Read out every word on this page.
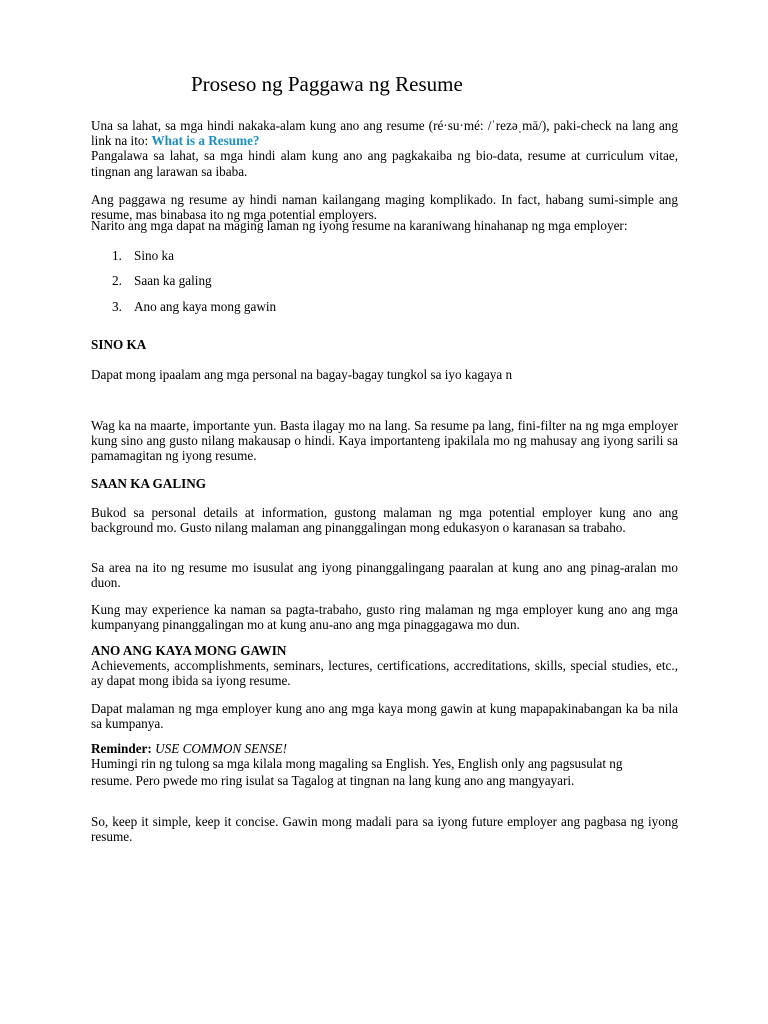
Proseso ng Paggawa ng Resume

Una sa lahat, sa mga hindi nakaka-alam kung ano ang resume (ré·su·mé: /ˈrezəˌmā/), paki-check na lang ang link na ito: What is a Resume?
Pangalawa sa lahat, sa mga hindi alam kung ano ang pagkakaiba ng bio-data, resume at curriculum vitae, tingnan ang larawan sa ibaba.

Ang paggawa ng resume ay hindi naman kailangang maging komplikado. In fact, habang sumi-simple ang resume, mas binabasa ito ng mga potential employers.

Narito ang mga dapat na maging laman ng iyong resume na karaniwang hinahanap ng mga employer:

1. Sino ka
2. Saan ka galing
3. Ano ang kaya mong gawin

SINO KA

Dapat mong ipaalam ang mga personal na bagay-bagay tungkol sa iyo kagaya n

Wag ka na maarte, importante yun. Basta ilagay mo na lang. Sa resume pa lang, fini-filter na ng mga employer kung sino ang gusto nilang makausap o hindi. Kaya importanteng ipakilala mo ng mahusay ang iyong sarili sa pamamagitan ng iyong resume.

SAAN KA GALING

Bukod sa personal details at information, gustong malaman ng mga potential employer kung ano ang background mo. Gusto nilang malaman ang pinanggalingan mong edukasyon o karanasan sa trabaho.

Sa area na ito ng resume mo isusulat ang iyong pinanggalingang paaralan at kung ano ang pinag-aralan mo duon.

Kung may experience ka naman sa pagta-trabaho, gusto ring malaman ng mga employer kung ano ang mga kumpanyang pinanggalingan mo at kung anu-ano ang mga pinaggagawa mo dun.

ANO ANG KAYA MONG GAWIN

Achievements, accomplishments, seminars, lectures, certifications, accreditations, skills, special studies, etc., ay dapat mong ibida sa iyong resume.

Dapat malaman ng mga employer kung ano ang mga kaya mong gawin at kung mapapakinabangan ka ba nila sa kumpanya.

Reminder: USE COMMON SENSE!

Humingi rin ng tulong sa mga kilala mong magaling sa English. Yes, English only ang pagsusulat ng resume. Pero pwede mo ring isulat sa Tagalog at tingnan na lang kung ano ang mangyayari.

So, keep it simple, keep it concise. Gawin mong madali para sa iyong future employer ang pagbasa ng iyong resume.
